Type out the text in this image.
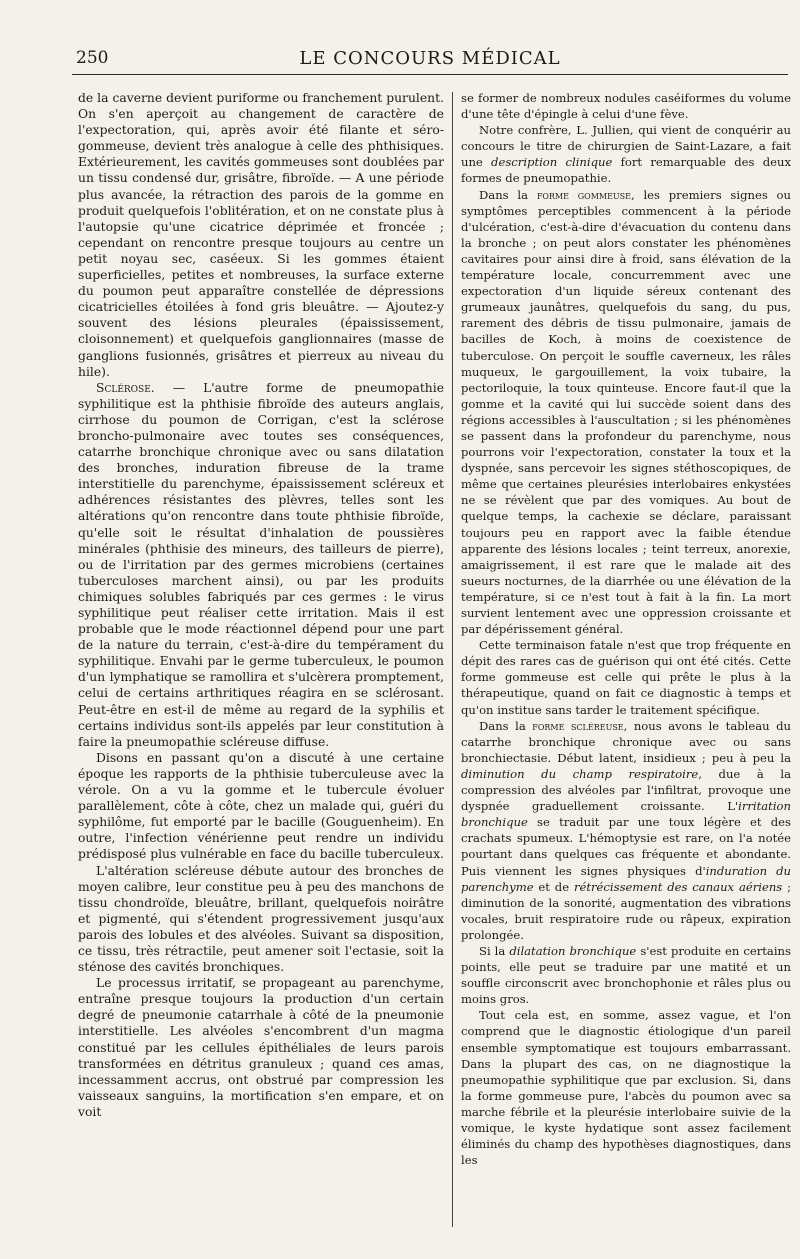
250	LE CONCOURS MÉDICAL

de la caverne devient puriforme ou franchement purulent. On s'en aperçoit au changement de caractère de l'expectoration, qui, après avoir été filante et séro-gommeuse, devient très analogue à celle des phthisiques. Extérieurement, les cavités gommeuses sont doublées par un tissu condensé dur, grisâtre, fibroïde. — A une période plus avancée, la rétraction des parois de la gomme en produit quelquefois l'oblitération, et on ne constate plus à l'autopsie qu'une cicatrice déprimée et froncée ; cependant on rencontre presque toujours au centre un petit noyau sec, caséeux. Si les gommes étaient superficielles, petites et nombreuses, la surface externe du poumon peut apparaître constellée de dépressions cicatricielles étoilées à fond gris bleuâtre. — Ajoutez-y souvent des lésions pleurales (épaississement, cloisonnement) et quelquefois ganglionnaires (masse de ganglions fusionnés, grisâtres et pierreux au niveau du hile).

Sclérose. — L'autre forme de pneumopathie syphilitique est la phthisie fibroïde des auteurs anglais, cirrhose du poumon de Corrigan, c'est la sclérose broncho-pulmonaire avec toutes ses conséquences, catarrhe bronchique chronique avec ou sans dilatation des bronches, induration fibreuse de la trame interstitielle du parenchyme, épaississement scléreux et adhérences résistantes des plèvres, telles sont les altérations qu'on rencontre dans toute phthisie fibroïde, qu'elle soit le résultat d'inhalation de poussières minérales (phthisie des mineurs, des tailleurs de pierre), ou de l'irritation par des germes microbiens (certaines tuberculoses marchent ainsi), ou par les produits chimiques solubles fabriqués par ces germes : le virus syphilitique peut réaliser cette irritation. Mais il est probable que le mode réactionnel dépend pour une part de la nature du terrain, c'est-à-dire du tempérament du syphilitique. Envahi par le germe tuberculeux, le poumon d'un lymphatique se ramollira et s'ulcèrera promptement, celui de certains arthritiques réagira en se sclérosant. Peut-être en est-il de même au regard de la syphilis et certains individus sont-ils appelés par leur constitution à faire la pneumopathie scléreuse diffuse.

Disons en passant qu'on a discuté à une certaine époque les rapports de la phthisie tuberculeuse avec la vérole. On a vu la gomme et le tubercule évoluer parallèlement, côte à côte, chez un malade qui, guéri du syphilôme, fut emporté par le bacille (Gouguenheim). En outre, l'infection vénérienne peut rendre un individu prédisposé plus vulnérable en face du bacille tuberculeux.

L'altération scléreuse débute autour des bronches de moyen calibre, leur constitue peu à peu des manchons de tissu chondroïde, bleuâtre, brillant, quelquefois noirâtre et pigmenté, qui s'étendent progressivement jusqu'aux parois des lobules et des alvéoles. Suivant sa disposition, ce tissu, très rétractile, peut amener soit l'ectasie, soit la sténose des cavités bronchiques.

Le processus irritatif, se propageant au parenchyme, entraîne presque toujours la production d'un certain degré de pneumonie catarrhale à côté de la pneumonie interstitielle. Les alvéoles s'encombrent d'un magma constitué par les cellules épithéliales de leurs parois transformées en détritus granuleux ; quand ces amas, incessamment accrus, ont obstrué par compression les vaisseaux sanguins, la mortification s'en empare, et on voit

se former de nombreux nodules caséiformes du volume d'une tête d'épingle à celui d'une fève.

Notre confrère, L. Jullien, qui vient de conquérir au concours le titre de chirurgien de Saint-Lazare, a fait une description clinique fort remarquable des deux formes de pneumopathie.

Dans la forme gommeuse, les premiers signes ou symptômes perceptibles commencent à la période d'ulcération, c'est-à-dire d'évacuation du contenu dans la bronche ; on peut alors constater les phénomènes cavitaires pour ainsi dire à froid, sans élévation de la température locale, concurremment avec une expectoration d'un liquide séreux contenant des grumeaux jaunâtres, quelquefois du sang, du pus, rarement des débris de tissu pulmonaire, jamais de bacilles de Koch, à moins de coexistence de tuberculose. On perçoit le souffle caverneux, les râles muqueux, le gargouillement, la voix tubaire, la pectoriloquie, la toux quinteuse. Encore faut-il que la gomme et la cavité qui lui succède soient dans des régions accessibles à l'auscultation ; si les phénomènes se passent dans la profondeur du parenchyme, nous pourrons voir l'expectoration, constater la toux et la dyspnée, sans percevoir les signes stéthoscopiques, de même que certaines pleurésies interlobaires enkystées ne se révèlent que par des vomiques. Au bout de quelque temps, la cachexie se déclare, paraissant toujours peu en rapport avec la faible étendue apparente des lésions locales ; teint terreux, anorexie, amaigrissement, il est rare que le malade ait des sueurs nocturnes, de la diarrhée ou une élévation de la température, si ce n'est tout à fait à la fin. La mort survient lentement avec une oppression croissante et par dépérissement général.

Cette terminaison fatale n'est que trop fréquente en dépit des rares cas de guérison qui ont été cités. Cette forme gommeuse est celle qui prête le plus à la thérapeutique, quand on fait ce diagnostic à temps et qu'on institue sans tarder le traitement spécifique.

Dans la forme scléreuse, nous avons le tableau du catarrhe bronchique chronique avec ou sans bronchiectasie. Début latent, insidieux ; peu à peu la diminution du champ respiratoire, due à la compression des alvéoles par l'infiltrat, provoque une dyspnée graduellement croissante. L'irritation bronchique se traduit par une toux légère et des crachats spumeux. L'hémoptysie est rare, on l'a notée pourtant dans quelques cas fréquente et abondante. Puis viennent les signes physiques d'induration du parenchyme et de rétrécissement des canaux aériens ; diminution de la sonorité, augmentation des vibrations vocales, bruit respiratoire rude ou râpeux, expiration prolongée.

Si la dilatation bronchique s'est produite en certains points, elle peut se traduire par une matité et un souffle circonscrit avec bronchophonie et râles plus ou moins gros.

Tout cela est, en somme, assez vague, et l'on comprend que le diagnostic étiologique d'un pareil ensemble symptomatique est toujours embarrassant. Dans la plupart des cas, on ne diagnostique la pneumopathie syphilitique que par exclusion. Si, dans la forme gommeuse pure, l'abcès du poumon avec sa marche fébrile et la pleurésie interlobaire suivie de la vomique, le kyste hydatique sont assez facilement éliminés du champ des hypothèses diagnostiques, dans les
